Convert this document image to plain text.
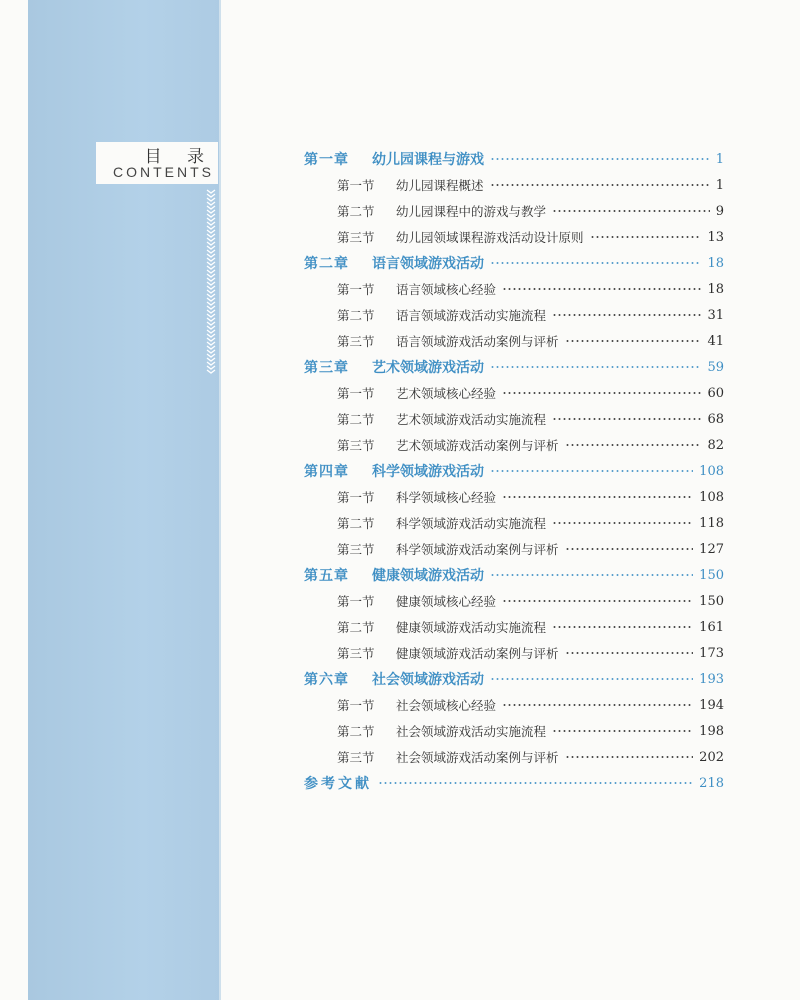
目 录
CONTENTS
第一章	幼儿园课程与游戏	1
第一节	幼儿园课程概述	1
第二节	幼儿园课程中的游戏与教学	9
第三节	幼儿园领域课程游戏活动设计原则	13
第二章	语言领域游戏活动	18
第一节	语言领域核心经验	18
第二节	语言领域游戏活动实施流程	31
第三节	语言领域游戏活动案例与评析	41
第三章	艺术领域游戏活动	59
第一节	艺术领域核心经验	60
第二节	艺术领域游戏活动实施流程	68
第三节	艺术领域游戏活动案例与评析	82
第四章	科学领域游戏活动	108
第一节	科学领域核心经验	108
第二节	科学领域游戏活动实施流程	118
第三节	科学领域游戏活动案例与评析	127
第五章	健康领域游戏活动	150
第一节	健康领域核心经验	150
第二节	健康领域游戏活动实施流程	161
第三节	健康领域游戏活动案例与评析	173
第六章	社会领域游戏活动	193
第一节	社会领域核心经验	194
第二节	社会领域游戏活动实施流程	198
第三节	社会领域游戏活动案例与评析	202
参考文献	218
